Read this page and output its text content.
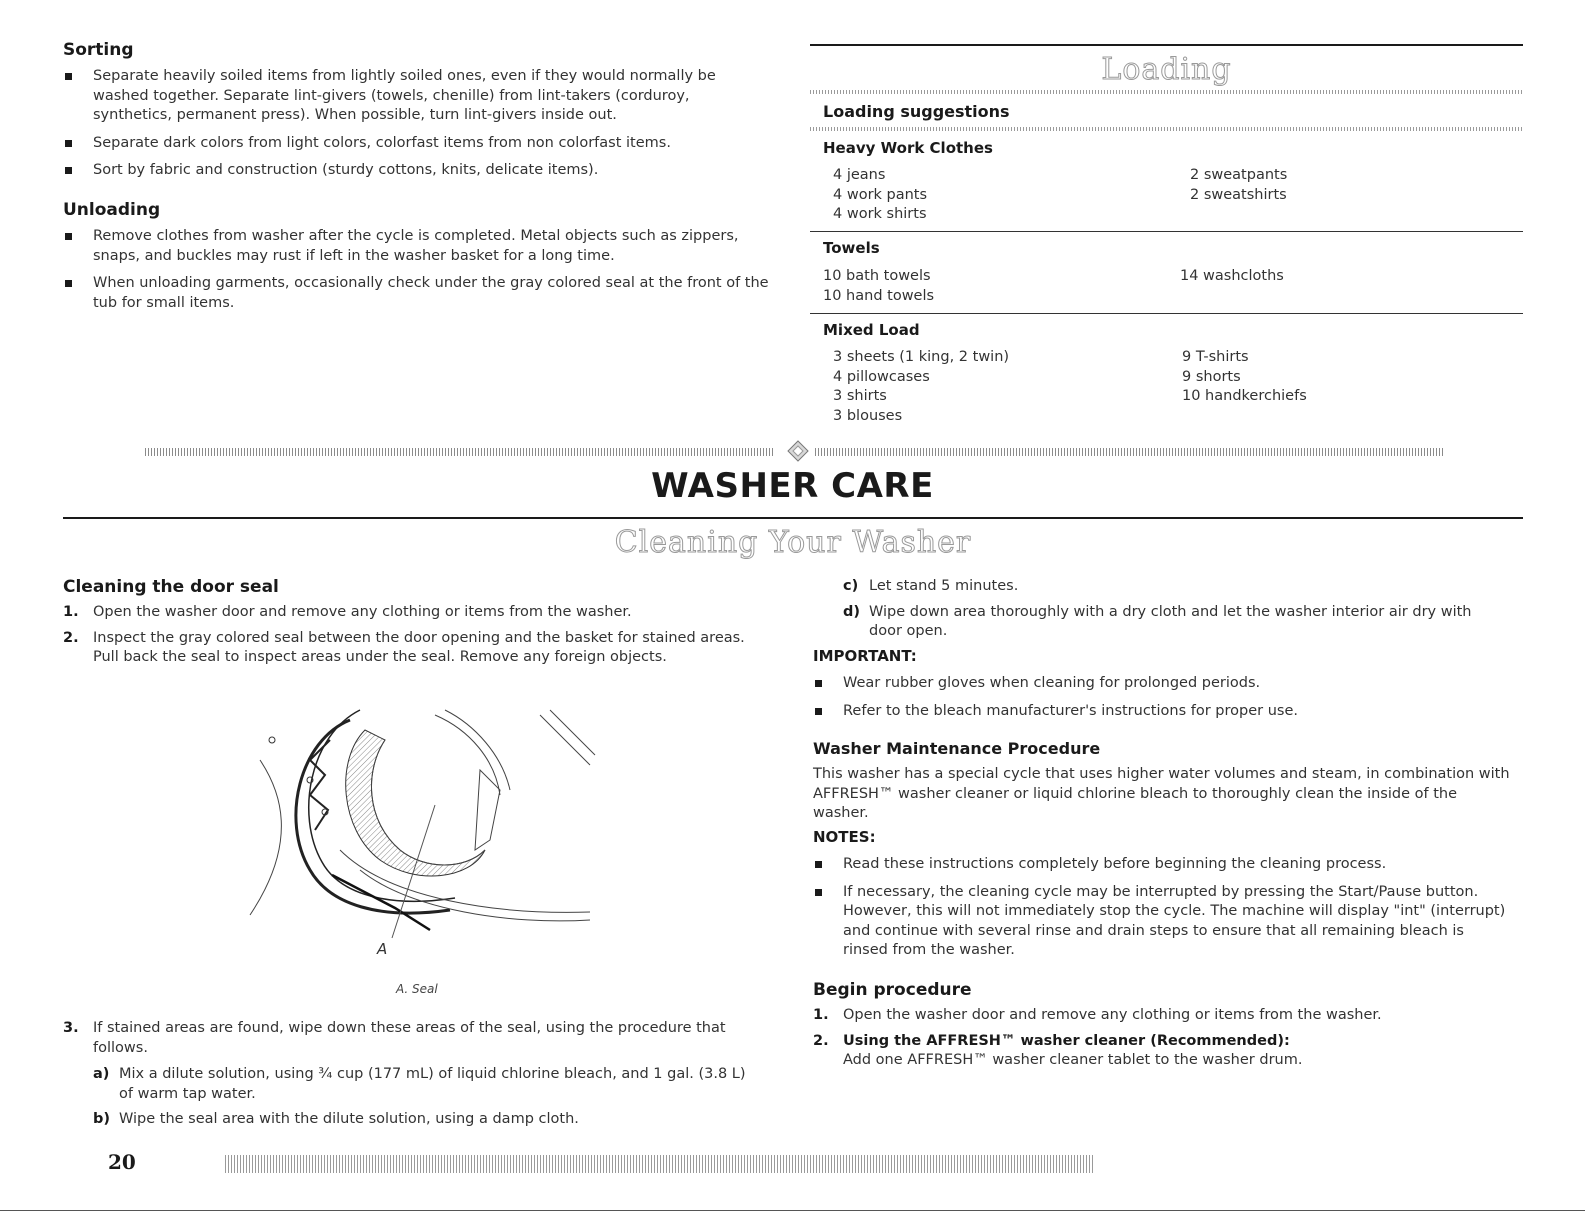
Sorting
Separate heavily soiled items from lightly soiled ones, even if they would normally be washed together. Separate lint-givers (towels, chenille) from lint-takers (corduroy, synthetics, permanent press). When possible, turn lint-givers inside out.
Separate dark colors from light colors, colorfast items from non colorfast items.
Sort by fabric and construction (sturdy cottons, knits, delicate items).
Unloading
Remove clothes from washer after the cycle is completed. Metal objects such as zippers, snaps, and buckles may rust if left in the washer basket for a long time.
When unloading garments, occasionally check under the gray colored seal at the front of the tub for small items.
Loading
Loading suggestions
Heavy Work Clothes
4 jeans
4 work pants
4 work shirts
2 sweatpants
2 sweatshirts
Towels
10 bath towels
10 hand towels
14 washcloths
Mixed Load
3 sheets (1 king, 2 twin)
4 pillowcases
3 shirts
3 blouses
9 T-shirts
9 shorts
10 handkerchiefs
WASHER CARE
Cleaning Your Washer
Cleaning the door seal
1. Open the washer door and remove any clothing or items from the washer.
2. Inspect the gray colored seal between the door opening and the basket for stained areas. Pull back the seal to inspect areas under the seal. Remove any foreign objects.
A
A. Seal
3. If stained areas are found, wipe down these areas of the seal, using the procedure that follows.
a) Mix a dilute solution, using ¾ cup (177 mL) of liquid chlorine bleach, and 1 gal. (3.8 L) of warm tap water.
b) Wipe the seal area with the dilute solution, using a damp cloth.
c) Let stand 5 minutes.
d) Wipe down area thoroughly with a dry cloth and let the washer interior air dry with door open.
IMPORTANT:
Wear rubber gloves when cleaning for prolonged periods.
Refer to the bleach manufacturer's instructions for proper use.
Washer Maintenance Procedure
This washer has a special cycle that uses higher water volumes and steam, in combination with AFFRESH™ washer cleaner or liquid chlorine bleach to thoroughly clean the inside of the washer.
NOTES:
Read these instructions completely before beginning the cleaning process.
If necessary, the cleaning cycle may be interrupted by pressing the Start/Pause button. However, this will not immediately stop the cycle. The machine will display "int" (interrupt) and continue with several rinse and drain steps to ensure that all remaining bleach is rinsed from the washer.
Begin procedure
1. Open the washer door and remove any clothing or items from the washer.
2. Using the AFFRESH™ washer cleaner (Recommended):
Add one AFFRESH™ washer cleaner tablet to the washer drum.
20
